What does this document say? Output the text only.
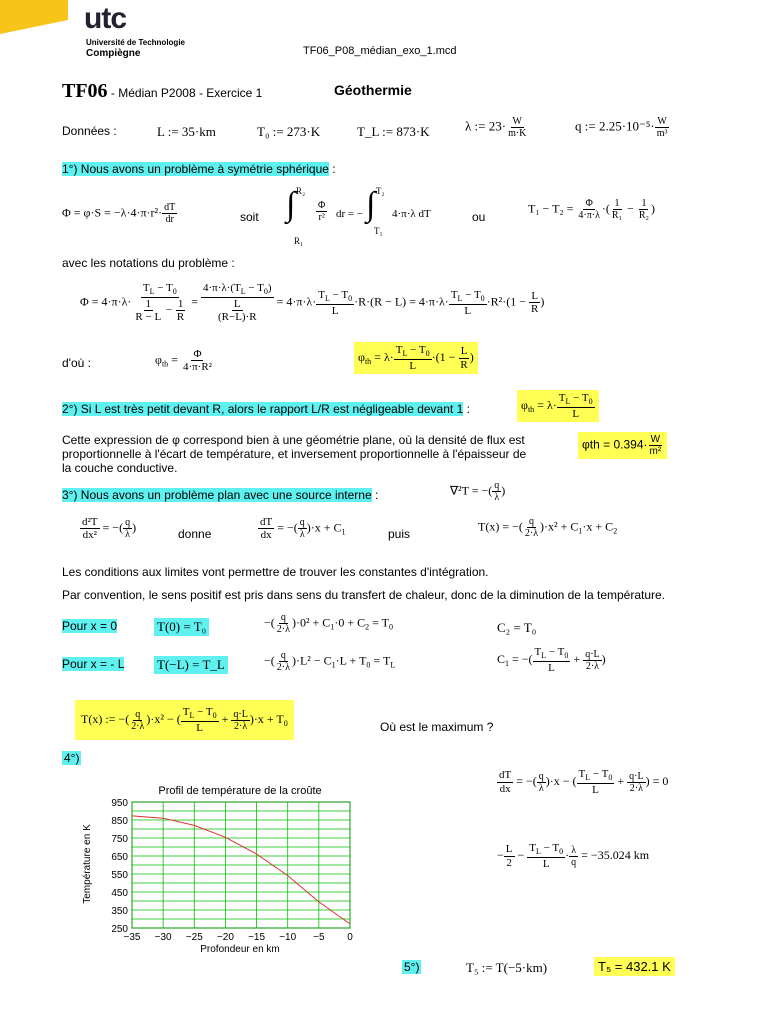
utc
Université de Technologie
Compiègne	TF06_P08_médian_exo_1.mcd
TF06 - Médian P2008 - Exercice 1	Géothermie
Données :	L := 35·km	T₀ := 273·K	T_L := 873·K	λ := $23\cdot \frac{W}{m\cdot K}$	q := $2.25\cdot 10^{-5}\cdot \frac{W}{\text{m³}}$
1°) Nous avons un problème à symétrie sphérique :
$\Phi = \varphi\cdot S = -\lambda\cdot 4\cdot\pi\cdot r^2\cdot \frac{dT}{dr}$	soit ∫ R₂
R₁
$\frac{\Phi}{\text{r²}}$ dr = − ∫ T₂
T₁
4·π·λ dT	ou
$T_1 - T_2 = \frac{\Phi}{4\cdot\pi\cdot\lambda}$ ·( $\frac{1}{\text{R₁}} - \frac{1}{\text{R₂}}$ )
avec les notations du problème :
$\Phi = 4\cdot\pi\cdot\lambda\cdot \frac{T_L - T_0}{\frac{1}{R - L} - \frac{1}{R}} = \frac{4\cdot\pi\cdot\lambda\cdot(T_L - T_0)}{\frac{L}{(R-L)\cdot R}} = 4\cdot\pi\cdot\lambda\cdot \frac{T_L - T_0}{L} \cdot R\cdot(R - L) = 4\cdot\pi\cdot\lambda\cdot \frac{T_L - T_0}{L} \cdot R^2\cdot(1 - \frac{L}{R}$ )
d'où :	$\varphi_{th} = \frac{\Phi}{\text{4·π·R²}}$	$\varphi_{th} = \lambda\cdot \frac{T_L - T_0}{L} \cdot(1 - \frac{L}{R}$ )
2°) Si L est très petit devant R, alors le rapport L/R est négligeable devant 1 :	$\varphi_{th} = \lambda\cdot \frac{T_L - T_0}{L}$
Cette expression de φ correspond bien à une géométrie plane, où la densité de flux est
proportionnelle à l'écart de température, et inversement proportionnelle à l'épaisseur de
la couche conductive.
$\varphi th = 0.394\cdot \frac{W}{\text{m²}}$
3°) Nous avons un problème plan avec une source interne :	∇²T = −( $\frac{q}{\lambda}$ )
$\frac{\text{d²T}}{\text{dx²}}$ = −( $\frac{q}{\lambda}$ )	donne	$\frac{dT}{dx}$ = −( $\frac{q}{\lambda} )\cdot x + C_1$	puis
T(x) = −( $\frac{q}{2\cdot\lambda} )\cdot x^2 + C_1\cdot x + C_2$
Les conditions aux limites vont permettre de trouver les constantes d'intégration.
Par convention, le sens positif est pris dans sens du transfert de chaleur, donc de la diminution de la température.
Pour x = 0	T(0) = T₀	−( $\frac{q}{2\cdot\lambda} )\cdot 0^2 + C_1\cdot 0 + C_2 = T_0$	C₂ = T₀
Pour x = - L	T(−L) = T_L	−( $\frac{q}{2\cdot\lambda} )\cdot L^2 - C_1\cdot L + T_0 = T_L$	$C_1$ = −( $\frac{T_L - T_0}{L} + \frac{q\cdot L}{2\cdot\lambda}$ )
T(x) := −( $\frac{q}{2\cdot\lambda} )\cdot x^2$ − ( $\frac{T_L - T_0}{L} + \frac{q\cdot L}{2\cdot\lambda} )\cdot x + T_0$	Où est le maximum ?
4°)
Profil de température de la croûte
Profondeur en km
Température en K
−35 −30 −25 −20 −15 −10 −5 0
950
850
750
650
550
450
350
250
$\frac{dT}{dx}$ = −( $\frac{q}{\lambda} )\cdot x$ − ( $\frac{T_L - T_0}{L} + \frac{q\cdot L}{2\cdot\lambda}$ ) = 0
− $\frac{L}{2} - \frac{T_L - T_0}{L} \cdot \frac{\lambda}{q} = -35.024$ km
5°)	T₅ := T(−5·km)	T₅ = 432.1 K
